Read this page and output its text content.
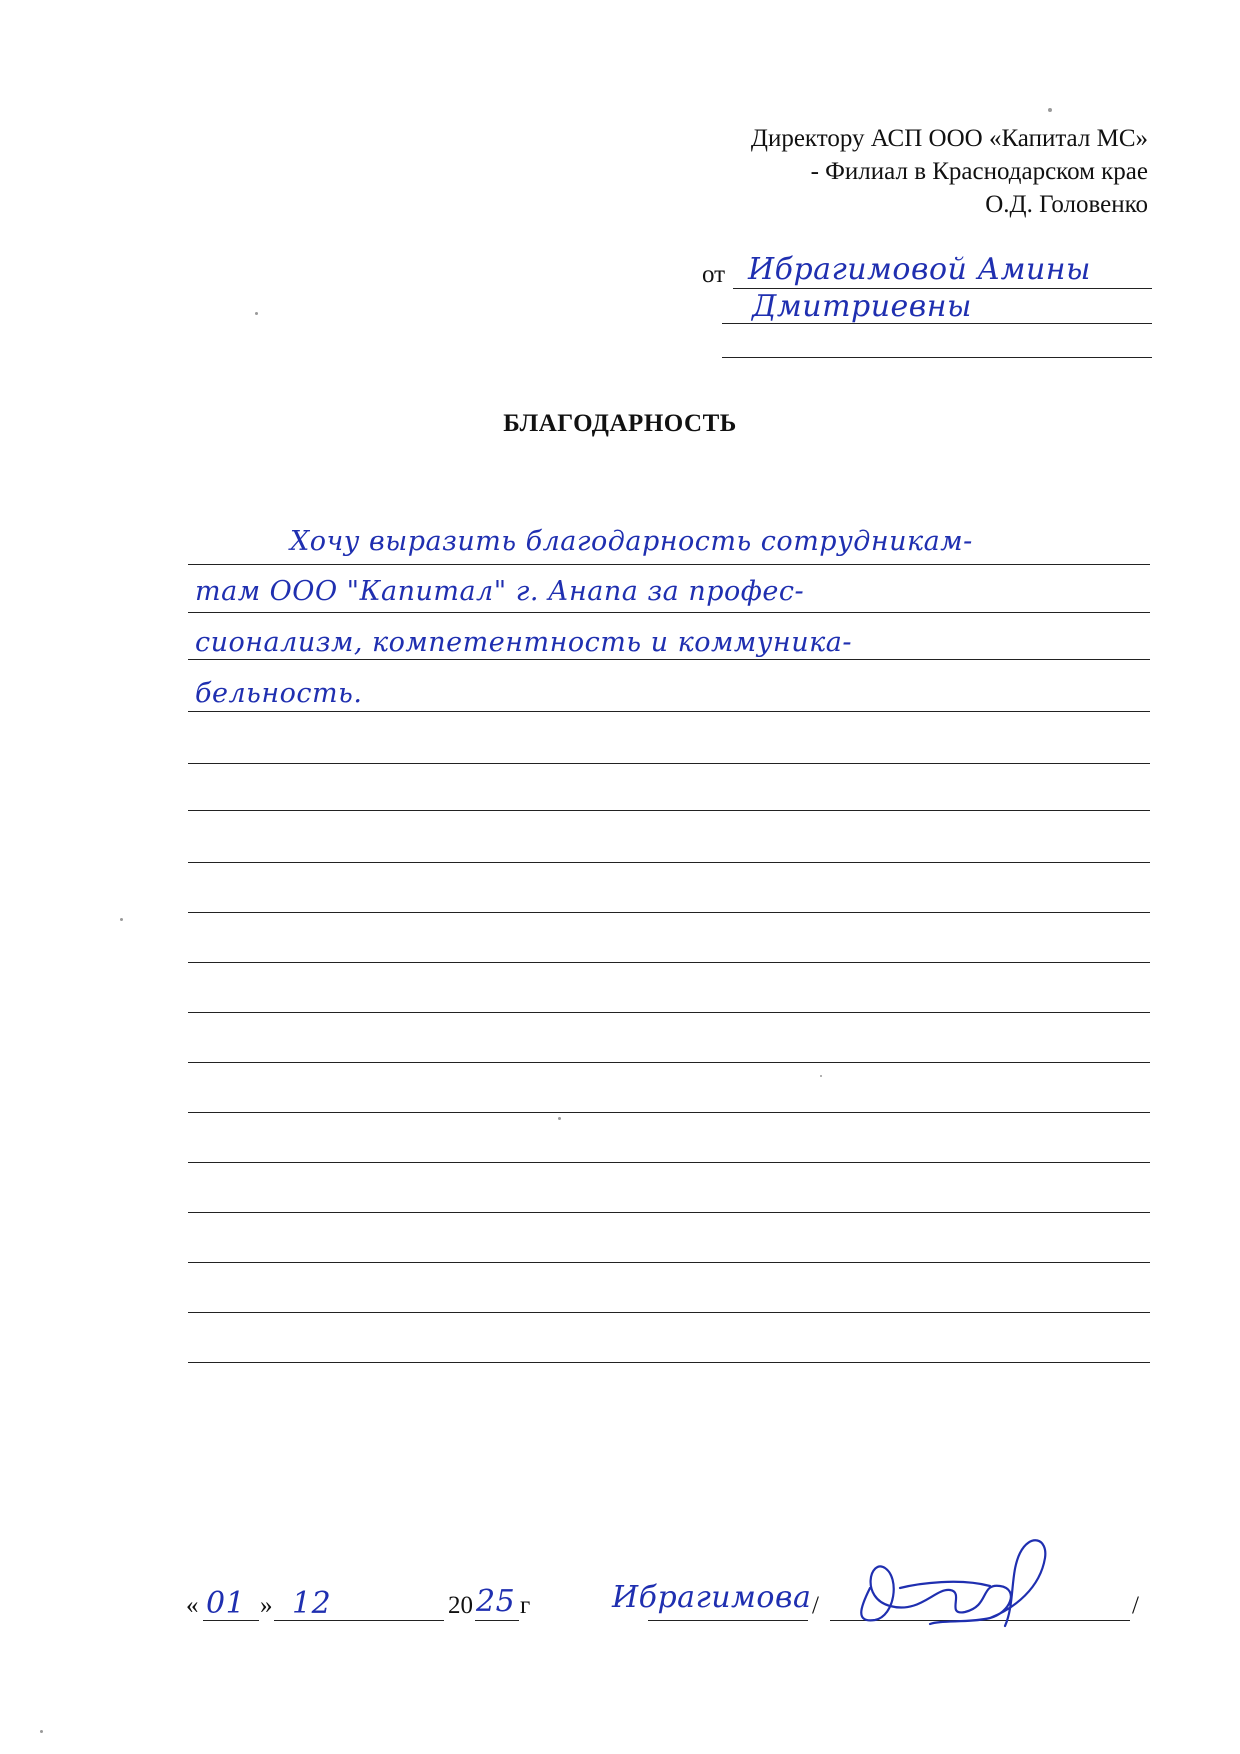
Директору АСП ООО «Капитал МС»
- Филиал в Краснодарском крае
О.Д. Головенко
от Ибрагимовой Амины
Дмитриевны
БЛАГОДАРНОСТЬ
Хочу выразить благодарность сотрудникам-
там ООО "Капитал" г. Анапа за профес-
сионализм, компетентность и коммуника-
бельность.
« 01 » 12	20 25 г	Ибрагимова /	/
